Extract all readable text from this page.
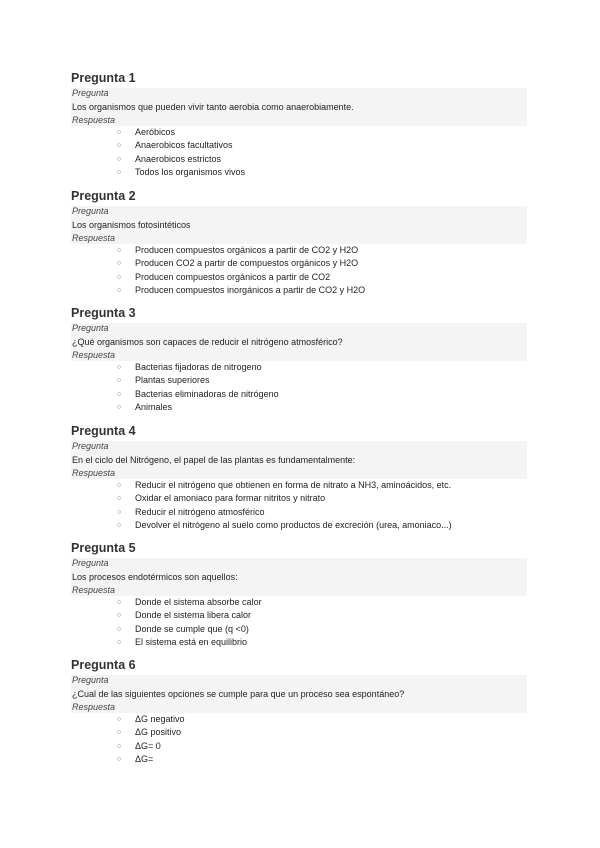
Pregunta 1
Pregunta
Los organismos que pueden vivir tanto aerobia como anaerobiamente.
Respuesta
○ Aeróbicos
○ Anaerobicos facultativos
○ Anaerobicos estrictos
○ Todos los organismos vivos
Pregunta 2
Pregunta
Los organismos fotosintéticos
Respuesta
○ Producen compuestos orgánicos a partir de CO2 y H2O
○ Producen CO2 a partir de compuestos orgánicos y H2O
○ Producen compuestos orgánicos a partir de CO2
○ Producen compuestos inorgánicos a partir de CO2 y H2O
Pregunta 3
Pregunta
¿Qué organismos son capaces de reducir el nitrógeno atmosférico?
Respuesta
○ Bacterias fijadoras de nitrogeno
○ Plantas superiores
○ Bacterias eliminadoras de nitrógeno
○ Animales
Pregunta 4
Pregunta
En el ciclo del Nitrógeno, el papel de las plantas es fundamentalmente:
Respuesta
○ Reducir el nitrógeno que obtienen en forma de nitrato a NH3, aminoácidos, etc.
○ Oxidar el amoniaco para formar nitritos y nitrato
○ Reducir el nitrógeno atmosférico
○ Devolver el nitrógeno al suelo como productos de excreción (urea, amoniaco...)
Pregunta 5
Pregunta
Los procesos endotérmicos son aquellos:
Respuesta
○ Donde el sistema absorbe calor
○ Donde el sistema libera calor
○ Donde se cumple que (q <0)
○ El sistema está en equilibrio
Pregunta 6
Pregunta
¿Cual de las siguientes opciones se cumple para que un proceso sea espontáneo?
Respuesta
○ ΔG negativo
○ ΔG positivo
○ ΔG= 0
○ ΔG=
